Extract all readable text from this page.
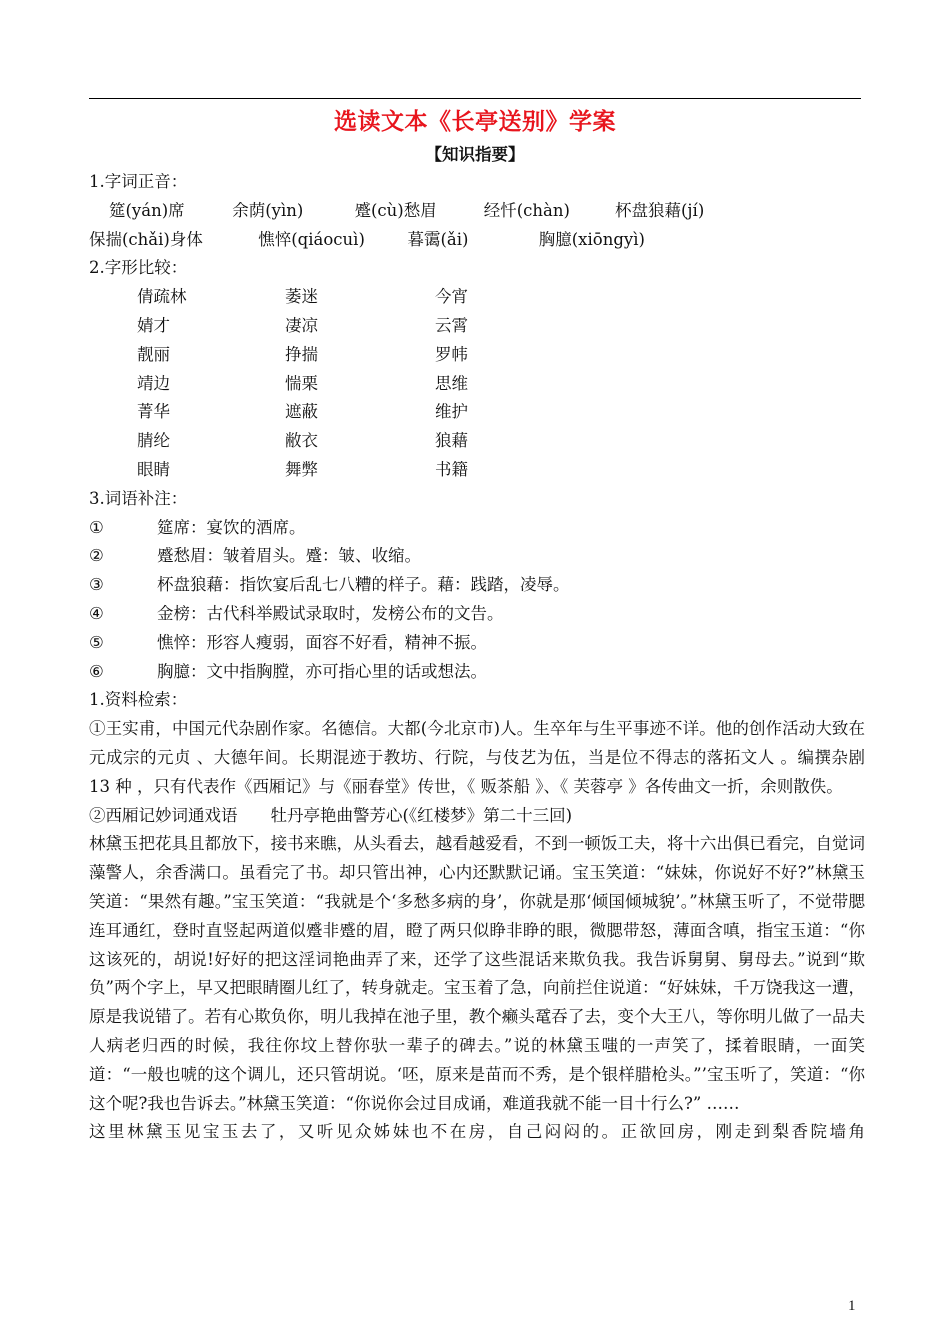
选读文本《长亭送别》学案
【知识指要】
1.字词正音：
筵(yán)席	余荫(yìn)	蹙(cù)愁眉	经忏(chàn)	杯盘狼藉(jí)
保揣(chǎi)身体	憔悴(qiáocuì)	暮霭(ǎi)	胸臆(xiōngyì)
2.字形比较：
倩疏林	萎迷	今宵
婧才	凄凉	云霄
靓丽	挣揣	罗帏
靖边	惴栗	思维
菁华	遮蔽	维护
腈纶	敝衣	狼藉
眼睛	舞弊	书籍
3.词语补注：
①	筵席：宴饮的酒席。
②	蹙愁眉：皱着眉头。蹙：皱、收缩。
③	杯盘狼藉：指饮宴后乱七八糟的样子。藉：践踏，凌辱。
④	金榜：古代科举殿试录取时，发榜公布的文告。
⑤	憔悴：形容人瘦弱，面容不好看，精神不振。
⑥	胸臆：文中指胸膛，亦可指心里的话或想法。
1.资料检索：
①王实甫，中国元代杂剧作家。名德信。大都(今北京市)人。生卒年与生平事迹不详。他的创作活动大致在元成宗的元贞 、大德年间。长期混迹于教坊、行院，与伎艺为伍，当是位不得志的落拓文人 。编撰杂剧 13 种 ，只有代表作《西厢记》与《丽春堂》传世，《 贩茶船 》、《 芙蓉亭 》各传曲文一折，余则散佚。
②西厢记妙词通戏语　　牡丹亭艳曲警芳心(《红楼梦》第二十三回)
林黛玉把花具且都放下，接书来瞧，从头看去，越看越爱看，不到一顿饭工夫，将十六出俱已看完，自觉词藻警人，余香满口。虽看完了书。却只管出神，心内还默默记诵。宝玉笑道：“妹妹，你说好不好?”林黛玉笑道：“果然有趣。”宝玉笑道：“我就是个‘多愁多病的身’，你就是那‘倾国倾城貌’。”林黛玉听了，不觉带腮连耳通红，登时直竖起两道似蹙非蹙的眉，瞪了两只似睁非睁的眼，微腮带怒，薄面含嗔，指宝玉道：“你这该死的，胡说!好好的把这淫词艳曲弄了来，还学了这些混话来欺负我。我告诉舅舅、舅母去。”说到“欺负”两个字上，早又把眼睛圈儿红了，转身就走。宝玉着了急，向前拦住说道：“好妹妹，千万饶我这一遭，原是我说错了。若有心欺负你，明儿我掉在池子里，教个癞头鼋吞了去，变个大王八，等你明儿做了一品夫人病老归西的时候，我往你坟上替你驮一辈子的碑去。”说的林黛玉嗤的一声笑了，揉着眼睛，一面笑道：“一般也唬的这个调儿，还只管胡说。‘呸，原来是苗而不秀，是个银样腊枪头。”’宝玉听了，笑道：“你这个呢?我也告诉去。”林黛玉笑道：“你说你会过目成诵，难道我就不能一目十行么?” ……
这里林黛玉见宝玉去了，又听见众姊妹也不在房，自己闷闷的。正欲回房，刚走到梨香院墙角
1
